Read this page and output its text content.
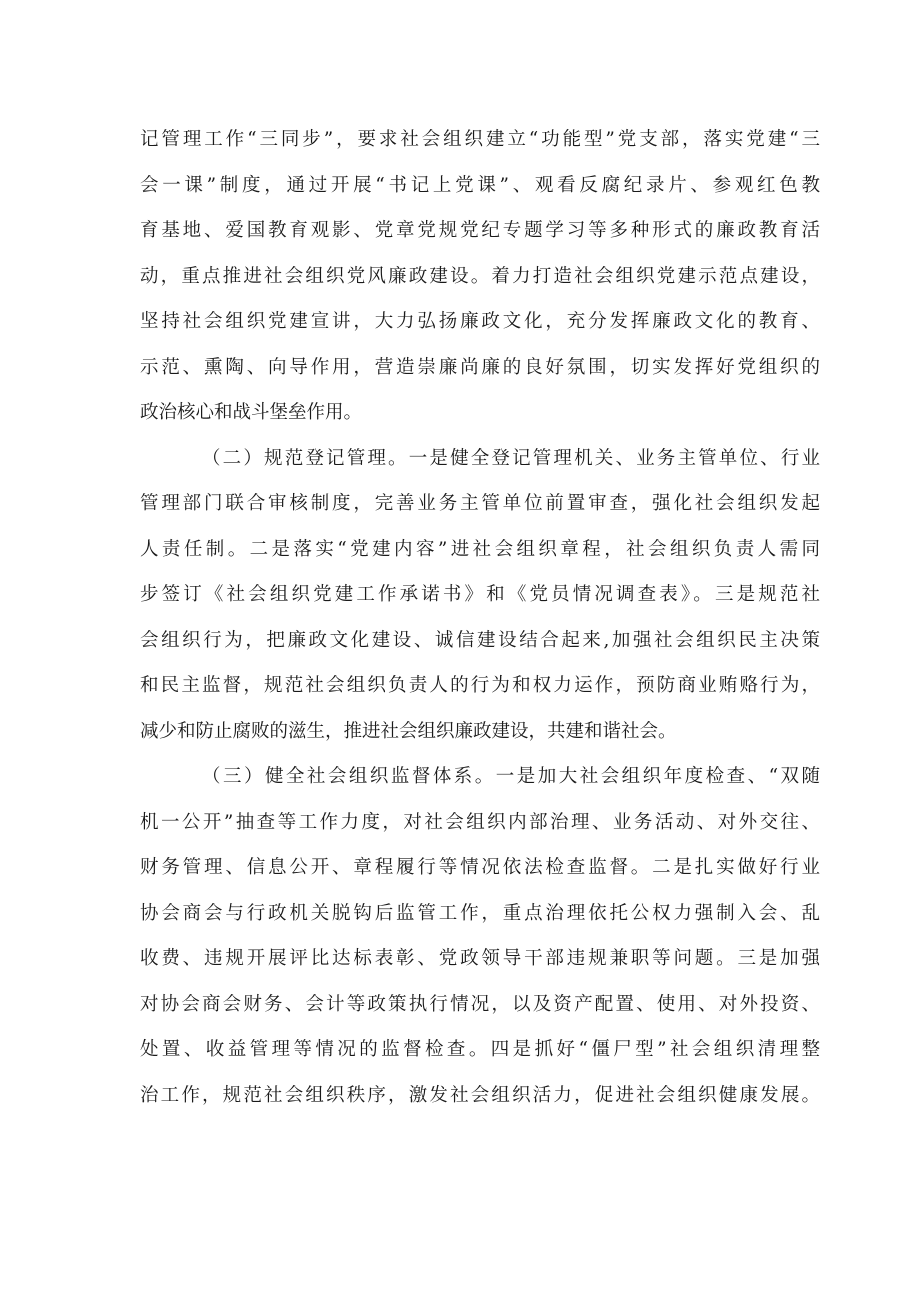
记管理工作“三同步”，要求社会组织建立“功能型”党支部，落实党建“三
会一课”制度，通过开展“书记上党课”、观看反腐纪录片、参观红色教
育基地、爱国教育观影、党章党规党纪专题学习等多种形式的廉政教育活
动，重点推进社会组织党风廉政建设。着力打造社会组织党建示范点建设，
坚持社会组织党建宣讲，大力弘扬廉政文化，充分发挥廉政文化的教育、
示范、熏陶、向导作用，营造崇廉尚廉的良好氛围，切实发挥好党组织的
政治核心和战斗堡垒作用。
（二）规范登记管理。一是健全登记管理机关、业务主管单位、行业
管理部门联合审核制度，完善业务主管单位前置审查，强化社会组织发起
人责任制。二是落实“党建内容”进社会组织章程，社会组织负责人需同
步签订《社会组织党建工作承诺书》和《党员情况调查表》。三是规范社
会组织行为，把廉政文化建设、诚信建设结合起来,加强社会组织民主决策
和民主监督，规范社会组织负责人的行为和权力运作，预防商业贿赂行为，
减少和防止腐败的滋生，推进社会组织廉政建设，共建和谐社会。
（三）健全社会组织监督体系。一是加大社会组织年度检查、“双随
机一公开”抽查等工作力度，对社会组织内部治理、业务活动、对外交往、
财务管理、信息公开、章程履行等情况依法检查监督。二是扎实做好行业
协会商会与行政机关脱钩后监管工作，重点治理依托公权力强制入会、乱
收费、违规开展评比达标表彰、党政领导干部违规兼职等问题。三是加强
对协会商会财务、会计等政策执行情况，以及资产配置、使用、对外投资、
处置、收益管理等情况的监督检查。四是抓好“僵尸型”社会组织清理整
治工作，规范社会组织秩序，激发社会组织活力，促进社会组织健康发展。
